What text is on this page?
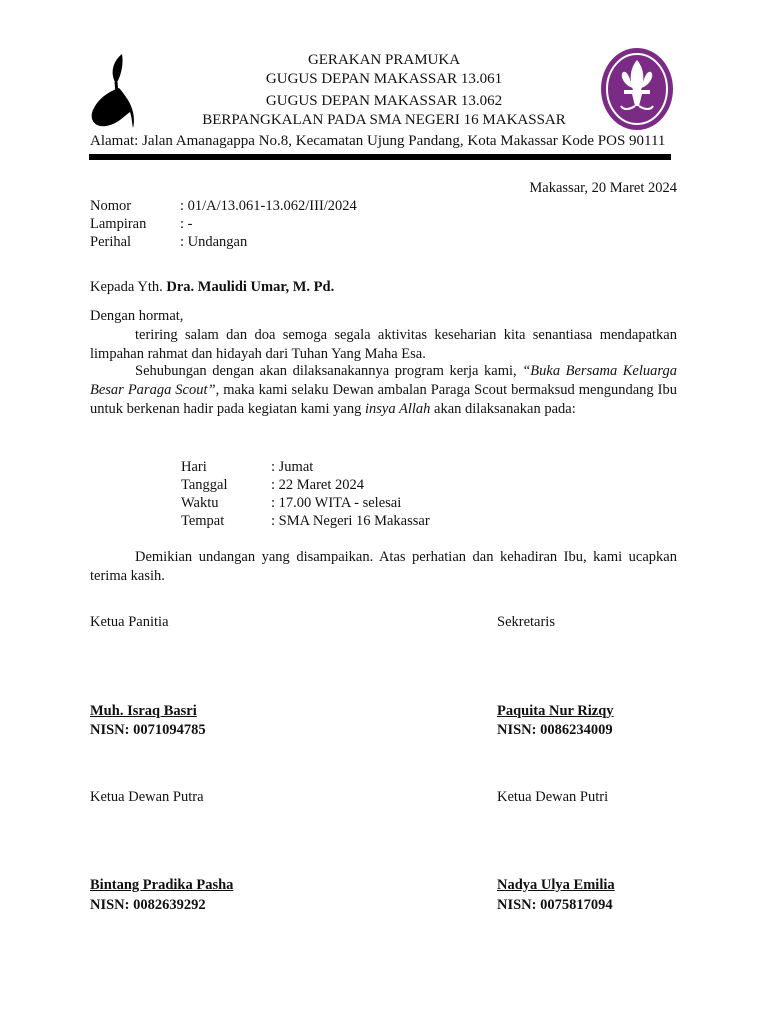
GERAKAN PRAMUKA
GUGUS DEPAN MAKASSAR 13.061
GUGUS DEPAN MAKASSAR 13.062
BERPANGKALAN PADA SMA NEGERI 16 MAKASSAR
Alamat: Jalan Amanagappa No.8, Kecamatan Ujung Pandang, Kota Makassar Kode POS 90111
Makassar, 20 Maret 2024
Nomor	: 01/A/13.061-13.062/III/2024
Lampiran : -
Perihal	: Undangan
Kepada Yth. Dra. Maulidi Umar, M. Pd.
Dengan hormat,
teriring salam dan doa semoga segala aktivitas keseharian kita senantiasa mendapatkan limpahan rahmat dan hidayah dari Tuhan Yang Maha Esa.
Sehubungan dengan akan dilaksanakannya program kerja kami, “Buka Bersama Keluarga Besar Paraga Scout”, maka kami selaku Dewan ambalan Paraga Scout bermaksud mengundang Ibu untuk berkenan hadir pada kegiatan kami yang insya Allah akan dilaksanakan pada:
Hari	: Jumat
Tanggal	: 22 Maret 2024
Waktu	: 17.00 WITA - selesai
Tempat	: SMA Negeri 16 Makassar
Demikian undangan yang disampaikan. Atas perhatian dan kehadiran Ibu, kami ucapkan terima kasih.
Ketua Panitia
Muh. Israq Basri
NISN: 0071094785
Sekretaris
Paquita Nur Rizqy
NISN: 0086234009
Ketua Dewan Putra
Bintang Pradika Pasha
NISN: 0082639292
Ketua Dewan Putri
Nadya Ulya Emilia
NISN: 0075817094
